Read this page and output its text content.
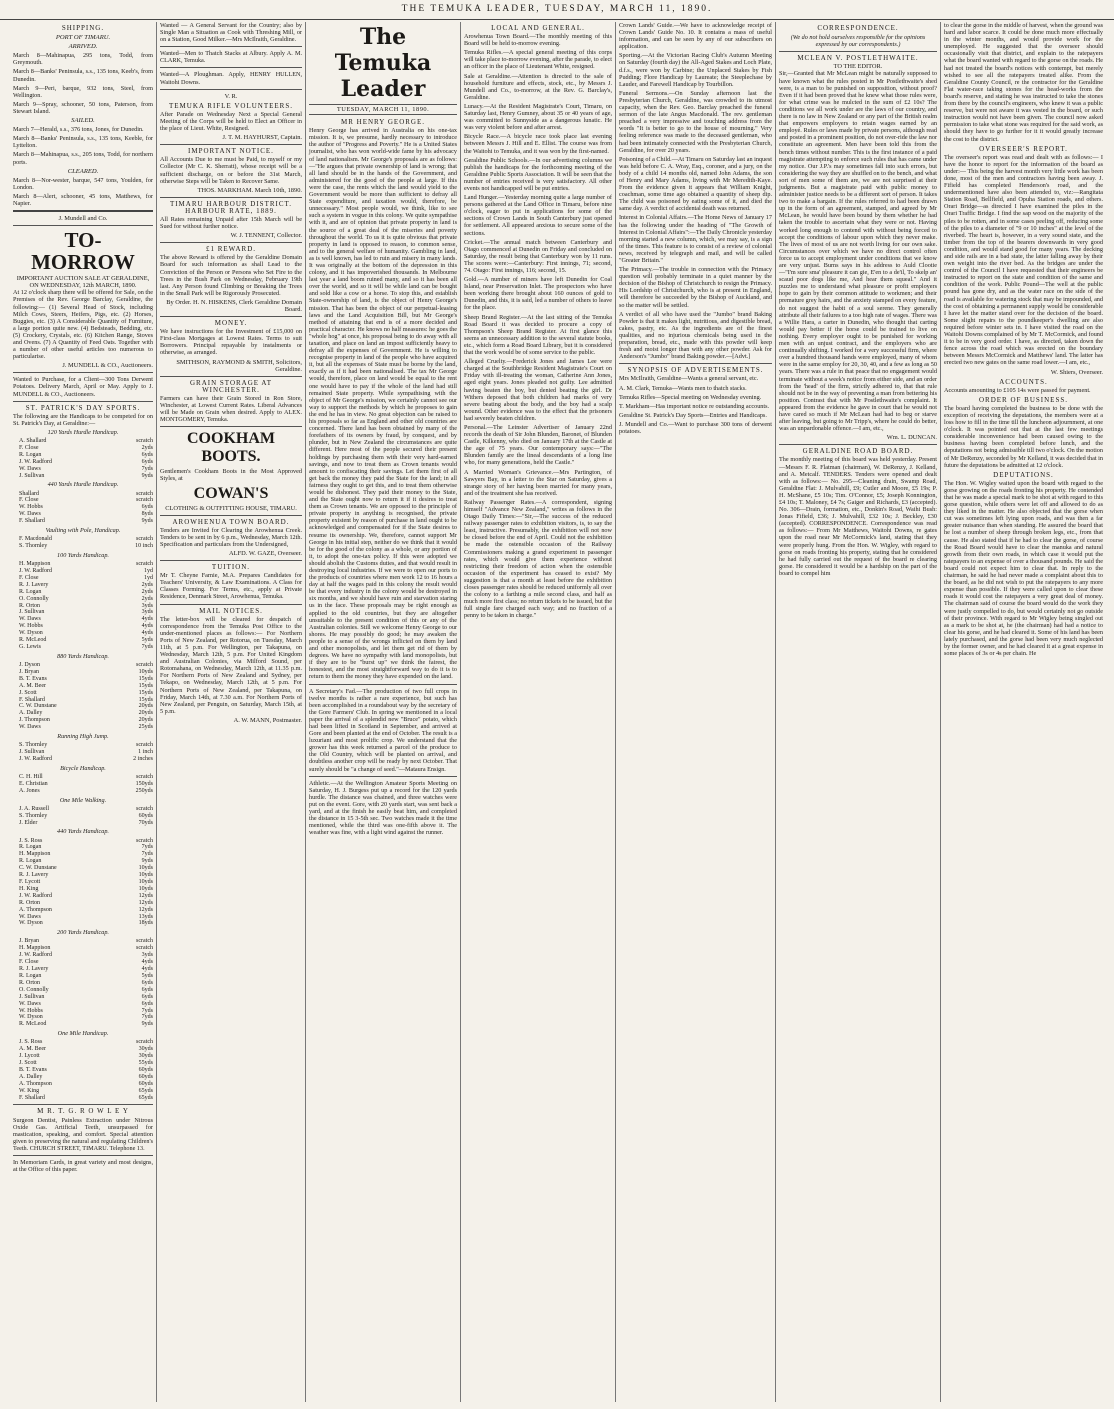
THE TEMUKA LEADER, TUESDAY, MARCH 11, 1890.
SHIPPING.
PORT OF TIMARU.
ARRIVED.
March 8—Mahinapua, 295 tons, Todd, from Greymouth.
March 8—Banks' Peninsula, s.s., 135 tons, Keeb's, from Dunedin.
March 9—Peri, barque, 932 tons, Steel, from Wellington.
March 9—Spray, schooner, 50 tons, Paterson, from Stewart Island.
SAILED.
March 7—Herald, s.s., 376 tons, Jones, for Dunedin.
March 8—Banks' Peninsula, s.s., 135 tons, Keeble, for Lyttelton.
March 8—Mahinapua, s.s., 205 tons, Todd, for northern ports.
CLEARED.
March 8—Nor-wester, barque, 547 tons, Youlden, for London.
March 8—Alert, schooner, 45 tons, Matthews, for Napier.
J. Mundell and Co.
TO-MORROW
IMPORTANT AUCTION SALE AT GERALDINE, ON WEDNESDAY, 12th MARCH, 1890.
At 12 o'clock sharp there will be offered for Sale, on the Premises of the Rev. George Barclay, Geraldine, the following:— (1) Several Head of Stock, including Milch Cows, Steers, Heifers, Pigs, etc. (2) Horses, Buggies, etc. (3) A Considerable Quantity of Furniture, a large portion quite new. (4) Bedsteads, Bedding, etc. (5) Crockery, Crystals, etc. (6) Kitchen Range, Stoves and Ovens. (7) A Quantity of Feed Oats. Together with a number of other useful articles too numerous to particularise.
J. MUNDELL & CO., Auctioneers.
Wanted to Purchase, for a Client—300 Tons Derwent Potatoes. Delivery March, April or May. Apply to J. MUNDELL & CO., Auctioneers.
ST. PATRICK'S DAY SPORTS.
The following are the Handicaps to be competed for on St. Patrick's Day, at Geraldine:—
120 Yards Hurdle Handicap.
A. Shallard	scratch
F. Close	2yds
R. Logan	6yds
J. W. Radford	6yds
W. Daws	7yds
J. Sullivan	9yds
440 Yards Hurdle Handicap.
Shallard	scratch
F. Close	scratch
W. Hobbs	6yds
W. Daws	8yds
F. Shallard	9yds
Vaulting with Pole, Handicap.
F. Macdonald	scratch
S. Thornley	10 inch
100 Yards Handicap.
H. Mappison	scratch
J. W. Radford	1yd
F. Close	1yd
R. J. Lavery	2yds
R. Logan	2yds
O. Connolly	2yds
R. Orton	3yds
J. Sullivan	3yds
W. Daws	4yds
W. Hobbs	4yds
W. Dyson	4yds
R. McLeod	5yds
G. Lewis	7yds
880 Yards Handicap.
J. Dyson	scratch
J. Bryan	10yds
B. T. Evans	15yds
A. M. Beer	15yds
J. Scott	15yds
F. Shallard	15yds
C. W. Dunstane	20yds
A. Dalley	20yds
J. Thompson	20yds
W. Daws	25yds
Running High Jump.
S. Thornley	scratch
J. Sullivan	1 inch
J. W. Radford	2 inches
Bicycle Handicap.
C. H. Hill	scratch
E. Christian	150yds
A. Jones	250yds
One Mile Walking.
J. A. Russell	scratch
S. Thornley	60yds
J. Elder	70yds
440 Yards Handicap.
J. S. Ross	scratch
R. Logan	7yds
H. Mappison	7yds
R. Logan	9yds
C. W. Dunstane	10yds
R. J. Lavery	10yds
F. Lycott	10yds
H. King	10yds
J. W. Radford	12yds
R. Orton	12yds
A. Thompson	12yds
W. Daws	13yds
W. Dyson	18yds
200 Yards Handicap.
J. Bryan	scratch
H. Mappison	scratch
J. W. Radford	3yds
F. Close	4yds
R. J. Lavery	4yds
R. Logan	5yds
R. Orton	6yds
O. Connolly	6yds
J. Sullivan	6yds
W. Daws	6yds
W. Hobbs	7yds
W. Dyson	7yds
R. McLeod	9yds
One Mile Handicap.
J. S. Ross	scratch
A. M. Beer	30yds
J. Lycott	30yds
J. Scott	55yds
B. T. Evans	60yds
A. Dalley	60yds
A. Thompson	60yds
W. King	65yds
F. Shallard	65yds
M R. T. G. R O W L E Y
Surgeon Dentist, Painless Extraction under Nitrous Oxide Gas. Artificial Teeth, unsurpassed for mastication, speaking, and comfort. Special attention given to preserving the natural and regulating Children's Teeth. CHURCH STREET, TIMARU. Telephone 13.
In Memoriam Cards, in great variety and most designs, at the Office of this paper.
Wanted — A General Servant for the Country; also by Single Man a Situation as Cook with Threshing Mill, or on a Station, Good Milker.—Mrs McIlraith, Geraldine.
Wanted—Men to Thatch Stacks at Albury. Apply A. M. CLARK, Temuka.
Wanted—A Ploughman. Apply, HENRY HULLEN, Waitohi Downs.
V. R.
TEMUKA RIFLE VOLUNTEERS.
After Parade on Wednesday Next a Special General Meeting of the Corps will be held to Elect an Officer in the place of Lieut. White, Resigned.
J. T. M. HAYHURST, Captain.
IMPORTANT NOTICE.
All Accounts Due to me must be Paid, to myself or my Collector (Mr C. K. Sherratt), whose receipt will be a sufficient discharge, on or before the 31st March, otherwise Steps will be Taken to Recover Same.
THOS. MARKHAM. March 10th, 1890.
TIMARU HARBOUR DISTRICT. HARBOUR RATE, 1889.
All Rates remaining Unpaid after 15th March will be Sued for without further notice.
W. J. TENNENT, Collector.
£1 REWARD.
The above Reward is offered by the Geraldine Domain Board for such information as shall Lead to the Conviction of the Person or Persons who Set Fire to the Trees in the Bush Park on Wednesday, February 19th last. Any Person found Climbing or Breaking the Trees in the Small Park will be Rigorously Prosecuted.
By Order. H. N. HISKENS, Clerk Geraldine Domain Board.
MONEY.
We have instructions for the Investment of £15,000 on First-class Mortgages at Lowest Rates. Terms to suit Borrowers. Principal repayable by instalments or otherwise, as arranged.
SMITHSON, RAYMOND & SMITH, Solicitors, Geraldine.
GRAIN STORAGE AT WINCHESTER.
Farmers can have their Grain Stored in Ron Store, Winchester, at Lowest Current Rates. Liberal Advances will be Made on Grain when desired. Apply to ALEX. MONTGOMERY, Temuka.
COOKHAM BOOTS.
Gentlemen's Cookham Boots in the Most Approved Styles, at
COWAN'S
CLOTHING & OUTFITTING HOUSE, TIMARU.
AROWHENUA TOWN BOARD.
Tenders are Invited for Clearing the Arowhenua Creek. Tenders to be sent in by 6 p.m., Wednesday, March 12th. Specification and particulars from the Undersigned,
ALFD. W. GAZE, Overseer.
TUITION.
Mr T. Cheyne Farnie, M.A. Prepares Candidates for Teachers' University, & Law Examinations. A Class for Classes Forming. For Terms, etc., apply at Private Residence, Denmark Street, Arowhenua, Temuka.
MAIL NOTICES.
The letter-box will be cleared for despatch of correspondence from the Temuka Post Office to the under-mentioned places as follows:— For Northern Ports of New Zealand, per Rotorua, on Tuesday, March 11th, at 5 p.m. For Wellington, per Takapuna, on Wednesday, March 12th, 5 p.m. For United Kingdom and Australian Colonies, via Milford Sound, per Rotomahana, on Wednesday, March 12th, at 11.35 p.m. For Northern Ports of New Zealand and Sydney, per Tekapo, on Wednesday, March 12th, at 5 p.m. For Northern Ports of New Zealand, per Takapuna, on Friday, March 14th, at 7.30 a.m. For Northern Ports of New Zealand, per Penguin, on Saturday, March 15th, at 5 p.m.
A. W. MANN, Postmaster.
The Temuka Leader
TUESDAY, MARCH 11, 1890.
MR HENRY GEORGE.
Henry George has arrived in Australia on his one-tax mission. It is, we presume, hardly necessary to introduce the author of "Progress and Poverty." He is a United States journalist, who has won world-wide fame by his advocacy of land nationalism. Mr George's proposals are as follows:—"He argues that private ownership of land is wrong; that all land should be in the hands of the Government, and administered for the good of the people at large. If this were the case, the rents which the land would yield to the Government would be more than sufficient to defray all State expenditure, and taxation would, therefore, be unnecessary." Most people would, we think, like to see such a system in vogue in this colony. We quite sympathise with it, and are of opinion that private property in land is the source of a great deal of the miseries and poverty throughout the world. To us it is quite obvious that private property in land is opposed to reason, to common sense, and to the general welfare of humanity. Gambling in land, as is well known, has led to ruin and misery in many lands. It was originally at the bottom of the depression in this colony, and it has impoverished thousands. In Melbourne last year a land boom ruined many, and so it has been all over the world, and so it will be while land can be bought and sold like a cow or a horse. To stop this, and establish State-ownership of land, is the object of Henry George's mission. That has been the object of our perpetual-leasing laws and the Land Acquisition Bill, but Mr George's method of attaining that end is of a more decided and practical character. He knows no half measures: he goes the "whole hog" at once, his proposal being to do away with all taxation, and place on land an impost sufficiently heavy to defray all the expenses of Government. He is willing to recognise property in land of the people who have acquired it, but all the expenses of State must be borne by the land, exactly as if it had been nationalised. The tax Mr George would, therefore, place on land would be equal to the rent one would have to pay if the whole of the land had still remained State property. While sympathising with the object of Mr George's mission, we certainly cannot see our way to support the methods by which he proposes to gain the end he has in view. No great objection can be raised to his proposals so far as England and other old countries are concerned. There land has been obtained by many of the forefathers of its owners by fraud, by conquest, and by plunder, but in New Zealand the circumstances are quite different. Here most of the people secured their present holdings by purchasing them with their very hard-earned savings, and now to treat them as Crown tenants would amount to confiscating their savings. Let them first of all get back the money they paid the State for the land; in all fairness they ought to get this, and to treat them otherwise would be dishonest. They paid their money to the State, and the State ought now to return it if it desires to treat them as Crown tenants. We are opposed to the principle of private property in anything is recognised, the private property existent by reason of purchase in land ought to be acknowledged and compensated for if the State desires to resume its ownership. We, therefore, cannot support Mr George in his initial step, neither do we think that it would be for the good of the colony as a whole, or any portion of it, to adopt the one-tax policy. If this were adopted we should abolish the Customs duties, and that would result in destroying local industries. If we were to open our ports to the products of countries where men work 12 to 16 hours a day at half the wages paid in this colony the result would be that every industry in the colony would be destroyed in six months, and we should have ruin and starvation staring us in the face. These proposals may be right enough as applied to the old countries, but they are altogether unsuitable to the present condition of this or any of the Australian colonies. Still we welcome Henry George to our shores. He may possibly do good; he may awaken the people to a sense of the wrongs inflicted on them by land and other monopolists, and let them get rid of them by degrees. We have no sympathy with land monopolists, but if they are to be "burst up" we think the fairest, the honestest, and the most straightforward way to do it is to return to them the money they have expended on the land.
A Secretary's Fad.—The production of two full crops in twelve months is rather a rare experience, but such has been accomplished in a roundabout way by the secretary of the Gore Farmers' Club. In spring we mentioned in a local paper the arrival of a splendid new "Bruce" potato, which had been lifted in Scotland in September, and arrived at Gore and been planted at the end of October. The result is a luxuriant and most prolific crop. We understand that the grower has this week returned a parcel of the produce to the Old Country, which will be planted on arrival, and doubtless another crop will be ready by next October. That surely should be "a change of seed."—Mataura Ensign.
Athletic.—At the Wellington Amateur Sports Meeting on Saturday, H. J. Burgess put up a record for the 120 yards hurdle. The distance was chained, and three watches were put on the event. Gore, with 20 yards start, was sent back a yard, and at the finish he easily beat him, and completed the distance in 15 3-5th sec. Two watches made it the time mentioned, while the third was one-fifth above it. The weather was fine, with a light wind against the runner.
LOCAL AND GENERAL.
Arowhenua Town Board.—The monthly meeting of this Board will be held to-morrow evening.
Temuka Rifles.—A special general meeting of this corps will take place to-morrow evening, after the parade, to elect an officer in the place of Lieutenant White, resigned.
Sale at Geraldine.—Attention is directed to the sale of household furniture and effects, stock, etc., by Messrs J. Mundell and Co., to-morrow, at the Rev. G. Barclay's, Geraldine.
Lunacy.—At the Resident Magistrate's Court, Timaru, on Saturday last, Henry Gumney, about 35 or 40 years of age, was committed to Sunnyside as a dangerous lunatic. He was very violent before and after arrest.
Bicycle Race.—A bicycle race took place last evening between Messrs J. Hill and E. Ellist. The course was from the Waitohi to Temuka, and it was won by the first-named.
Geraldine Public Schools.—In our advertising columns we publish the handicaps for the forthcoming meeting of the Geraldine Public Sports Association. It will be seen that the number of entries received is very satisfactory. All other events not handicapped will be put entries.
Land Hunger.—Yesterday morning quite a large number of persons gathered at the Land Office in Timaru, before nine o'clock, eager to put in applications for some of the sections of Crown Lands in South Canterbury just opened for settlement. All appeared anxious to secure some of the sections.
Cricket.—The annual match between Canterbury and Otago commenced at Dunedin on Friday and concluded on Saturday, the result being that Canterbury won by 11 runs. The scores were:—Canterbury: First innings, 71; second, 74. Otago: First innings, 116; second, 15.
Gold.—A number of miners have left Dunedin for Coal Island, near Preservation Inlet. The prospectors who have been working there brought about 160 ounces of gold to Dunedin, and this, it is said, led a number of others to leave for the place.
Sheep Brand Register.—At the last sitting of the Temuka Road Board it was decided to procure a copy of Thompson's Sheep Brand Register. At first glance this seems an unnecessary addition to the several statute books, etc., which form a Road Board Library, but it is considered that the work would be of some service to the public.
Alleged Cruelty.—Frederick Jones and James Lee were charged at the Southbridge Resident Magistrate's Court on Friday with ill-treating the woman, Catherine Ann Jones, aged eight years. Jones pleaded not guilty. Lee admitted having beaten the boy, but denied beating the girl. Dr Withers deposed that both children had marks of very severe beating about the body, and the boy had a scalp wound. Other evidence was to the effect that the prisoners had severely beaten children.
Personal.—The Leinster Advertiser of January 22nd records the death of Sir John Blunden, Baronet, of Blunden Castle, Kilkenny, who died on January 17th at the Castle at the age of 75 years. Our contemporary says:—"The Blunden family are the lineal descendants of a long line who, for many generations, held the Castle."
A Married Woman's Grievance.—Mrs Partington, of Sawyers Bay, in a letter to the Star on Saturday, gives a strange story of her having been married for many years, and of the treatment she has received.
Railway Passenger Rates.—A correspondent, signing himself "Advance New Zealand," writes as follows in the Otago Daily Times:—"Sir,—The success of the reduced railway passenger rates to exhibition visitors, is, to say the least, instructive. Presumably, the exhibition will not now be closed before the end of April. Could not the exhibition be made the ostensible occasion of the Railway Commissioners making a grand experiment in passenger rates, which would give them experience without restricting their freedom of action when the ostensible occasion of the experiment has ceased to exist? My suggestion is that a month at least before the exhibition closes passenger rates should be reduced uniformly all over the colony to a farthing a mile second class, and half as much more first class; no return tickets to be issued, but the full single fare charged each way; and no fraction of a penny to be taken in charge."
Crown Lands' Guide.—We have to acknowledge receipt of Crown Lands' Guide No. 10. It contains a mass of useful information, and can be seen by any of our subscribers on application.
Sporting.—At the Victorian Racing Club's Autumn Meeting on Saturday (fourth day) the All-Aged Stakes and Loch Plate, d.f.s., were won by Carbine; the Unplaced Stakes by Fish Pudding; Flore Handicap by Laureate; the Steeplechase by Lauder, and Farewell Handicap by Tourbillon.
Funeral Sermons.—On Sunday afternoon last the Presbyterian Church, Geraldine, was crowded to its utmost capacity, when the Rev. Geo. Barclay preached the funeral sermon of the late Angus Macdonald. The rev. gentleman preached a very impressive and touching address from the words "It is better to go to the house of mourning." Very feeling reference was made to the deceased gentleman, who had been intimately connected with the Presbyterian Church, Geraldine, for over 20 years.
Poisoning of a Child.—At Timaru on Saturday last an inquest was held before C. A. Wray, Esq., coroner, and a jury, on the body of a child 14 months old, named John Adams, the son of Henry and Mary Adams, living with Mr Meredith-Kaye. From the evidence given it appears that William Knight, coachman, some time ago obtained a quantity of sheep dip. The child was poisoned by eating some of it, and died the same day. A verdict of accidental death was returned.
Interest in Colonial Affairs.—The Home News of January 17 has the following under the heading of "The Growth of Interest in Colonial Affairs":—The Daily Chronicle yesterday morning started a new column, which, we may say, is a sign of the times. This feature is to consist of a review of colonial news, received by telegraph and mail, and will be called "Greater Britain."
The Primacy.—The trouble in connection with the Primacy question will probably terminate in a quiet manner by the decision of the Bishop of Christchurch to resign the Primacy. His Lordship of Christchurch, who is at present in England, will therefore be succeeded by the Bishop of Auckland, and so the matter will be settled.
A verdict of all who have used the "Jumbo" brand Baking Powder is that it makes light, nutritious, and digestible bread, cakes, pastry, etc. As the ingredients are of the finest qualities, and no injurious chemicals being used in the preparation, bread, etc., made with this powder will keep fresh and moist longer than with any other powder. Ask for Anderson's "Jumbo" brand Baking powder.—[Advt.]
SYNOPSIS OF ADVERTISEMENTS.
Mrs McIlraith, Geraldine—Wants a general servant, etc.
A. M. Clark, Temuka—Wants men to thatch stacks.
Temuka Rifles—Special meeting on Wednesday evening.
T. Markham—Has important notice re outstanding accounts.
Geraldine St. Patrick's Day Sports—Entries and Handicaps.
J. Mundell and Co.—Want to purchase 300 tons of derwent potatoes.
CORRESPONDENCE.
(We do not hold ourselves responsible for the opinions expressed by our correspondents.)
MCLEAN V. POSTLETHWAITE.
TO THE EDITOR.
Sir,—Granted that Mr McLean might be naturally supposed to have known what the rules posted in Mr Postlethwaite's shed were, is a man to be punished on supposition, without proof? Even if it had been proved that he knew what those rules were, for what crime was he mulcted in the sum of £2 10s? The conditions we all work under are the laws of our country, and there is no law in New Zealand or any part of the British realm that empowers employers to retain wages earned by an employé. Rules or laws made by private persons, although read and posted in a prominent position, do not over-ride the law nor constitute an agreement. Men have been told this from the bench times without number. This is the first instance of a paid magistrate attempting to enforce such rules that has came under my notice. Our J.P.'s may sometimes fall into such errors, but considering the way they are shuffled on to the bench, and what sort of men some of them are, we are not surprised at their judgments. But a magistrate paid with public money to administer justice needs to be a different sort of person. It takes two to make a bargain. If the rules referred to had been drawn up in the form of an agreement, stamped, and agreed by Mr McLean, he would have been bound by them whether he had taken the trouble to ascertain what they were or not. Having worked long enough to contend with without being forced to accept the conditions of labour upon which they never make. The lives of most of us are not worth living for our own sake. Circumstances over which we have no direct control often force us to accept employment under conditions that we know are very unjust. Burns says in his address to Auld Clootie—"I'm sure sma' pleasure it can gie, E'en to a de'il, To skelp an' scaud poor dogs like me, And hear them squeal." And it puzzles me to understand what pleasure or profit employers hope to gain by their common attitude to workmen; and their premature grey hairs, and the anxiety stamped on every feature, do not suggest the habit of a soul serene. They generally attribute all their failures to a too high rate of wages. There was a Willie Hara, a carter in Dunedin, who thought that carting would pay better if the horse could be trained to live on nothing. Every employer ought to be punished for working men with an unjust contract, and the employers who are continually shifting. I worked for a very successful firm, where over a hundred thousand hands were employed, many of whom were in the same employ for 20, 30, 40, and a few as long as 50 years. There was a rule in that peace that no engagement would terminate without a week's notice from either side, and an order from the 'head' of the firm, strictly adhered to, that that rule should not be in the way of preventing a man from bettering his position. Contrast that with Mr Postlethwaite's complaint. It appeared from the evidence he gave in court that he would not have cared so much if Mr McLean had had to beg or starve after leaving, but going to Mr Tripp's, where he could do better, was an unpardonable offence.—I am, etc.,
Wm. L. DUNCAN.
GERALDINE ROAD BOARD.
The monthly meeting of this board was held yesterday. Present—Messrs F. R. Flatman (chairman), W. DeRenzy, J. Kelland, and A. Metcalf. TENDERS. Tenders were opened and dealt with as follows:— No. 295—Cleaning drain, Swamp Road, Geraldine Flat: J. Mulvahill, £9; Cutler and Moore, £5 19s; P. H. McShane, £5 10s; Tim. O'Connor, £5; Joseph Konnington, £4 10s; T. Maloney, £4 7s; Gaiger and Richards, £3 (accepted). No. 306—Drain, formation, etc., Donkin's Road, Waihi Bush: Jonas Fifield, £36; J. Mulvahill, £32 10s; J. Beckley, £30 (accepted). CORRESPONDENCE. Correspondence was read as follows:— From Mr Matthews, Waitohi Downs, re gates upon the road near Mr McCormick's land, stating that they were properly hung. From the Hon. W. Wigley, with regard to gorse on roads fronting his property, stating that he considered he had fully carried out the request of the board re clearing gorse. He considered it would be a hardship on the part of the board to compel him
to clear the gorse in the middle of harvest, when the ground was hard and labor scarce. It could be done much more effectually in the winter months, and would provide work for the unemployed. He suggested that the overseer should occasionally visit that district, and explain to the ratepayers what the board wanted with regard to the gorse on the roads. He had not treated the board's notices with contempt, but merely wished to see all the ratepayers treated alike. From the Geraldine County Council, re the contractor for the Geraldine Flat water-race taking stones for the head-works from the board's reserve, and stating he was instructed to take the stones from there by the council's engineers, who knew it was a public reserve, but were not aware it was vested in the board, or such instruction would not have been given. The council now asked permission to take what stone was required for the said work, as should they have to go further for it it would greatly increase the cost to the district.
OVERSEER'S REPORT.
The overseer's report was read and dealt with as follows:— I have the honor to report for the information of the board as under:— This being the harvest month very little work has been done, most of the men and contractors having been away. J. Fifield has completed Henderson's road, and the undermentioned have also been attended to, viz:—Rangitata Station Road, Bellfield, and Opuha Station roads, and others. Orari Bridge—as directed I have examined the piles in the Orari Traffic Bridge. I find the sap wood on the majority of the piles to be rotten, and in some cases peeling off, reducing some of the piles to a diameter of "9 or 10 inches" at the level of the riverbed. The heart is, however, in a very sound state, and the timber from the top of the bearers downwards in very good condition, and would stand good for many years. The decking and side rails are in a bad state, the latter falling away by their own weight into the river bed. As the bridges are under the control of the Council I have requested that their engineers be instructed to report on the state and condition of the same and condition of the work. Public Pound—The well at the public pound has gone dry, and as the water race on the side of the road is available for watering stock that may be impounded, and the cost of obtaining a permanent supply would be considerable I have let the matter stand over for the decision of the board. Some slight repairs to the poundkeeper's dwelling are also required before winter sets in. I have visited the road on the Waitohi Downs complained of by Mr T. McCormick, and found it to be in very good order. I have, as directed, taken down the fence across the road which was erected on the boundary between Messrs McCormick and Matthews' land. The latter has erected two new gates on the same road lower.—I am, etc.,
W. Shiers, Overseer.
ACCOUNTS.
Accounts amounting to £105 14s were passed for payment.
ORDER OF BUSINESS.
The board having completed the business to be done with the exception of receiving the deputations, the members were at a loss how to fill in the time till the luncheon adjournment, at one o'clock. It was pointed out that at the last few meetings considerable inconvenience had been caused owing to the business having been completed before lunch, and the deputations not being admissible till two o'clock. On the motion of Mr DeRenzy, seconded by Mr Kelland, it was decided that in future the deputations be admitted at 12 o'clock.
DEPUTATIONS.
The Hon. W. Wigley waited upon the board with regard to the gorse growing on the roads fronting his property. He contended that he was made a special mark to be shot at with regard to this gorse question, while others were let off and allowed to do as they liked in the matter. He also objected that the gorse when cut was sometimes left lying upon roads, and was then a far greater nuisance than when standing. He assured the board that he lost a number of sheep through broken legs, etc., from that cause. He also stated that if he had to clear the gorse, of course the Road Board would have to clear the manuka and natural growth from their own roads, in which case it would put the ratepayers to an expense of over a thousand pounds. He said the board could not expect him to clear that. In reply to the chairman, he said he had never made a complaint about this to the board, as he did not wish to put the ratepayers to any more expense than possible. If they were called upon to clear these roads it would cost the ratepayers a very great deal of money. The chairman said of course the board would do the work they were justly compelled to do, but would certainly not go outside of their province. With regard to Mr Wigley being singled out as a mark to be shot at, he (the chairman) had had a notice to clear his gorse, and he had cleared it. Some of his land has been lately purchased, and the gorse had been very much neglected by the former owner, and he had cleared it at a great expense in some places of 3s or 4s per chain. He
